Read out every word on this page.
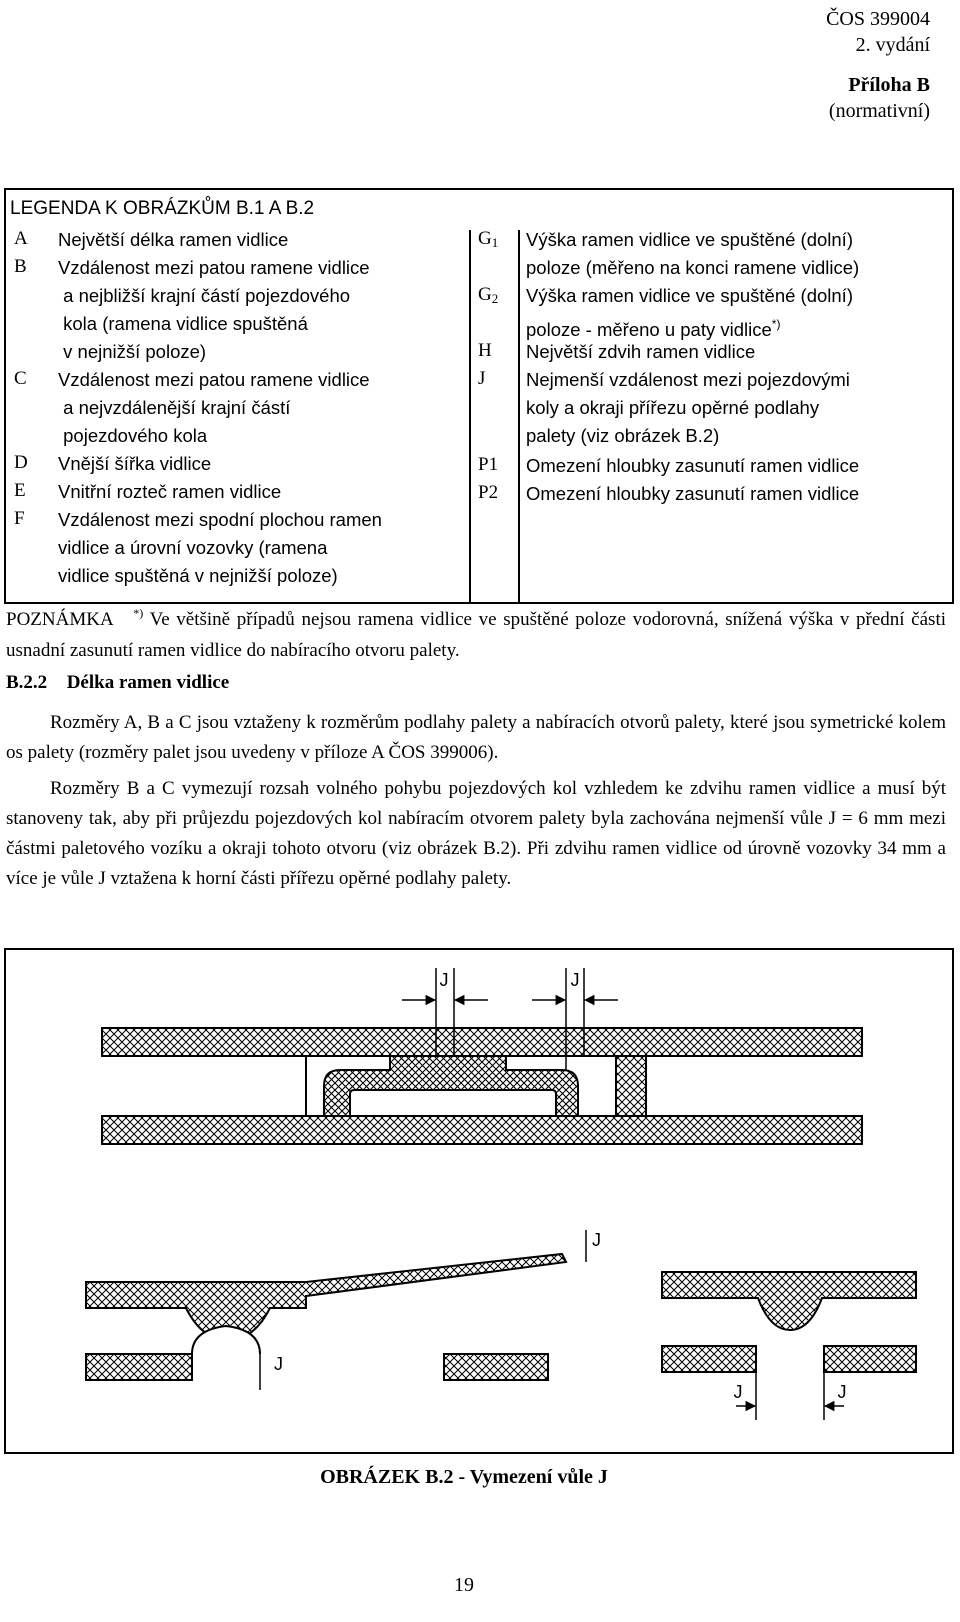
ČOS 399004
2. vydání
Příloha B
(normativní)
LEGENDA K OBRÁZKŮM B.1 A B.2
A Největší délka ramen vidlice
B Vzdálenost mezi patou ramene vidlice
a nejbližší krajní částí pojezdového
kola (ramena vidlice spuštěná
v nejnižší poloze)
C Vzdálenost mezi patou ramene vidlice
a nejvzdálenější krajní částí
pojezdového kola
D Vnější šířka vidlice
E Vnitřní rozteč ramen vidlice
F Vzdálenost mezi spodní plochou ramen
vidlice a úrovní vozovky (ramena
vidlice spuštěná v nejnižší poloze)
$G_1$ Výška ramen vidlice ve spuštěné (dolní)
poloze (měřeno na konci ramene vidlice)
$G_2$ Výška ramen vidlice ve spuštěné (dolní)
poloze - měřeno u paty vidlice*)
H Největší zdvih ramen vidlice
J Nejmenší vzdálenost mezi pojezdovými
koly a okraji přířezu opěrné podlahy
palety (viz obrázek B.2)
P1 Omezení hloubky zasunutí ramen vidlice
P2 Omezení hloubky zasunutí ramen vidlice
POZNÁMKA *) Ve většině případů nejsou ramena vidlice ve spuštěné poloze vodorovná, snížená výška v přední části usnadní zasunutí ramen vidlice do nabíracího otvoru palety.
B.2.2 Délka ramen vidlice
Rozměry A, B a C jsou vztaženy k rozměrům podlahy palety a nabíracích otvorů palety, které jsou symetrické kolem os palety (rozměry palet jsou uvedeny v příloze A ČOS 399006).
Rozměry B a C vymezují rozsah volného pohybu pojezdových kol vzhledem ke zdvihu ramen vidlice a musí být stanoveny tak, aby při průjezdu pojezdových kol nabíracím otvorem palety byla zachována nejmenší vůle J = 6 mm mezi částmi paletového vozíku a okraji tohoto otvoru (viz obrázek B.2). Při zdvihu ramen vidlice od úrovně vozovky 34 mm a více je vůle J vztažena k horní části přířezu opěrné podlahy palety.
J	J
J
J
J	J
OBRÁZEK B.2 - Vymezení vůle J
19
